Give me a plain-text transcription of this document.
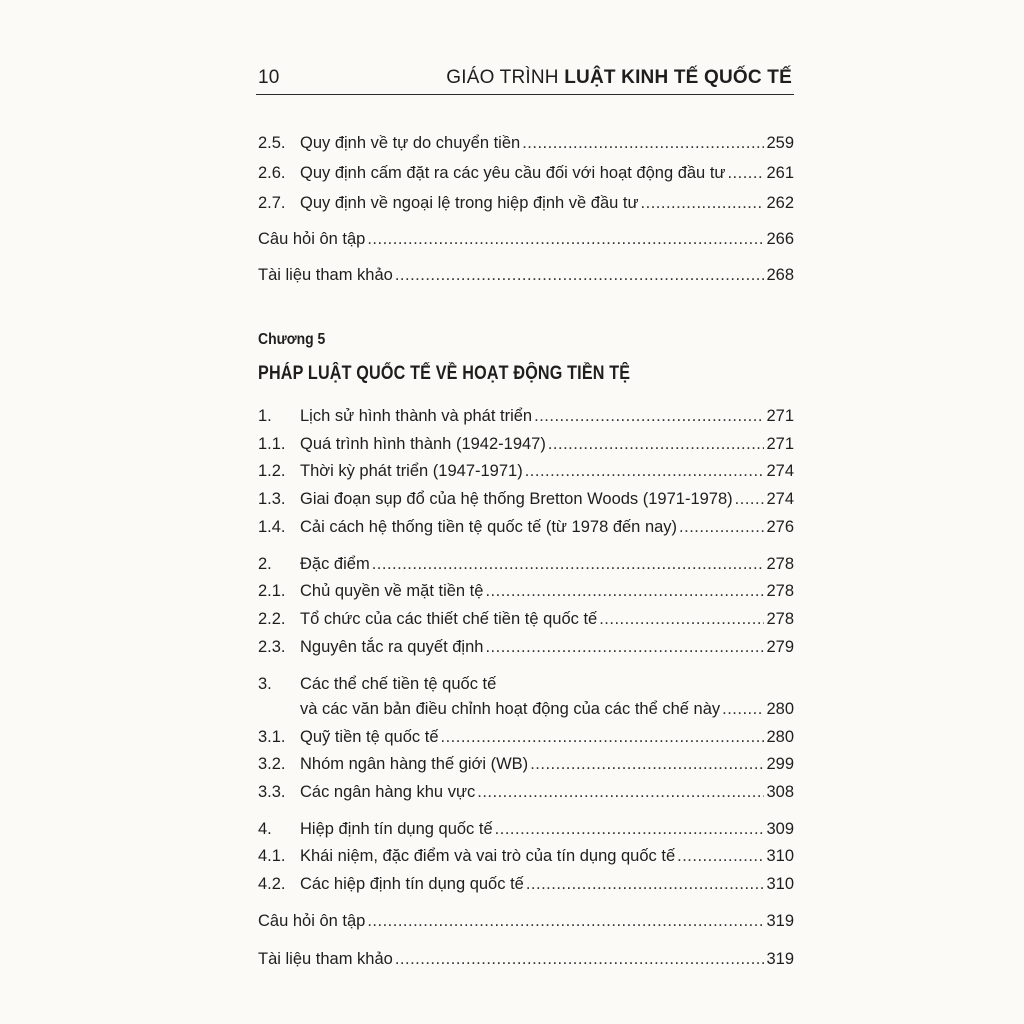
10	GIÁO TRÌNH LUẬT KINH TẾ QUỐC TẾ
2.5. Quy định về tự do chuyển tiền .....	259
2.6. Quy định cấm đặt ra các yêu cầu đối với hoạt động đầu tư ..... 261
2.7. Quy định về ngoại lệ trong hiệp định về đầu tư .....	262
Câu hỏi ôn tập .....	266
Tài liệu tham khảo .....	268
Chương 5
PHÁP LUẬT QUỐC TẾ VỀ HOẠT ĐỘNG TIỀN TỆ
1.	Lịch sử hình thành và phát triển .....	271
1.1. Quá trình hình thành (1942-1947) .....	271
1.2. Thời kỳ phát triển (1947-1971) .....	274
1.3. Giai đoạn sụp đổ của hệ thống Bretton Woods (1971-1978) ..... 274
1.4. Cải cách hệ thống tiền tệ quốc tế (từ 1978 đến nay) .....	276
2.	Đặc điểm .....	278
2.1. Chủ quyền về mặt tiền tệ .....	278
2.2. Tổ chức của các thiết chế tiền tệ quốc tế .....	278
2.3. Nguyên tắc ra quyết định .....	279
3.	Các thể chế tiền tệ quốc tế
và các văn bản điều chỉnh hoạt động của các thể chế này .....	280
3.1. Quỹ tiền tệ quốc tế .....	280
3.2. Nhóm ngân hàng thế giới (WB) .....	299
3.3. Các ngân hàng khu vực .....	308
4.	Hiệp định tín dụng quốc tế .....	309
4.1. Khái niệm, đặc điểm và vai trò của tín dụng quốc tế .....	310
4.2. Các hiệp định tín dụng quốc tế .....	310
Câu hỏi ôn tập .....	319
Tài liệu tham khảo .....	319
